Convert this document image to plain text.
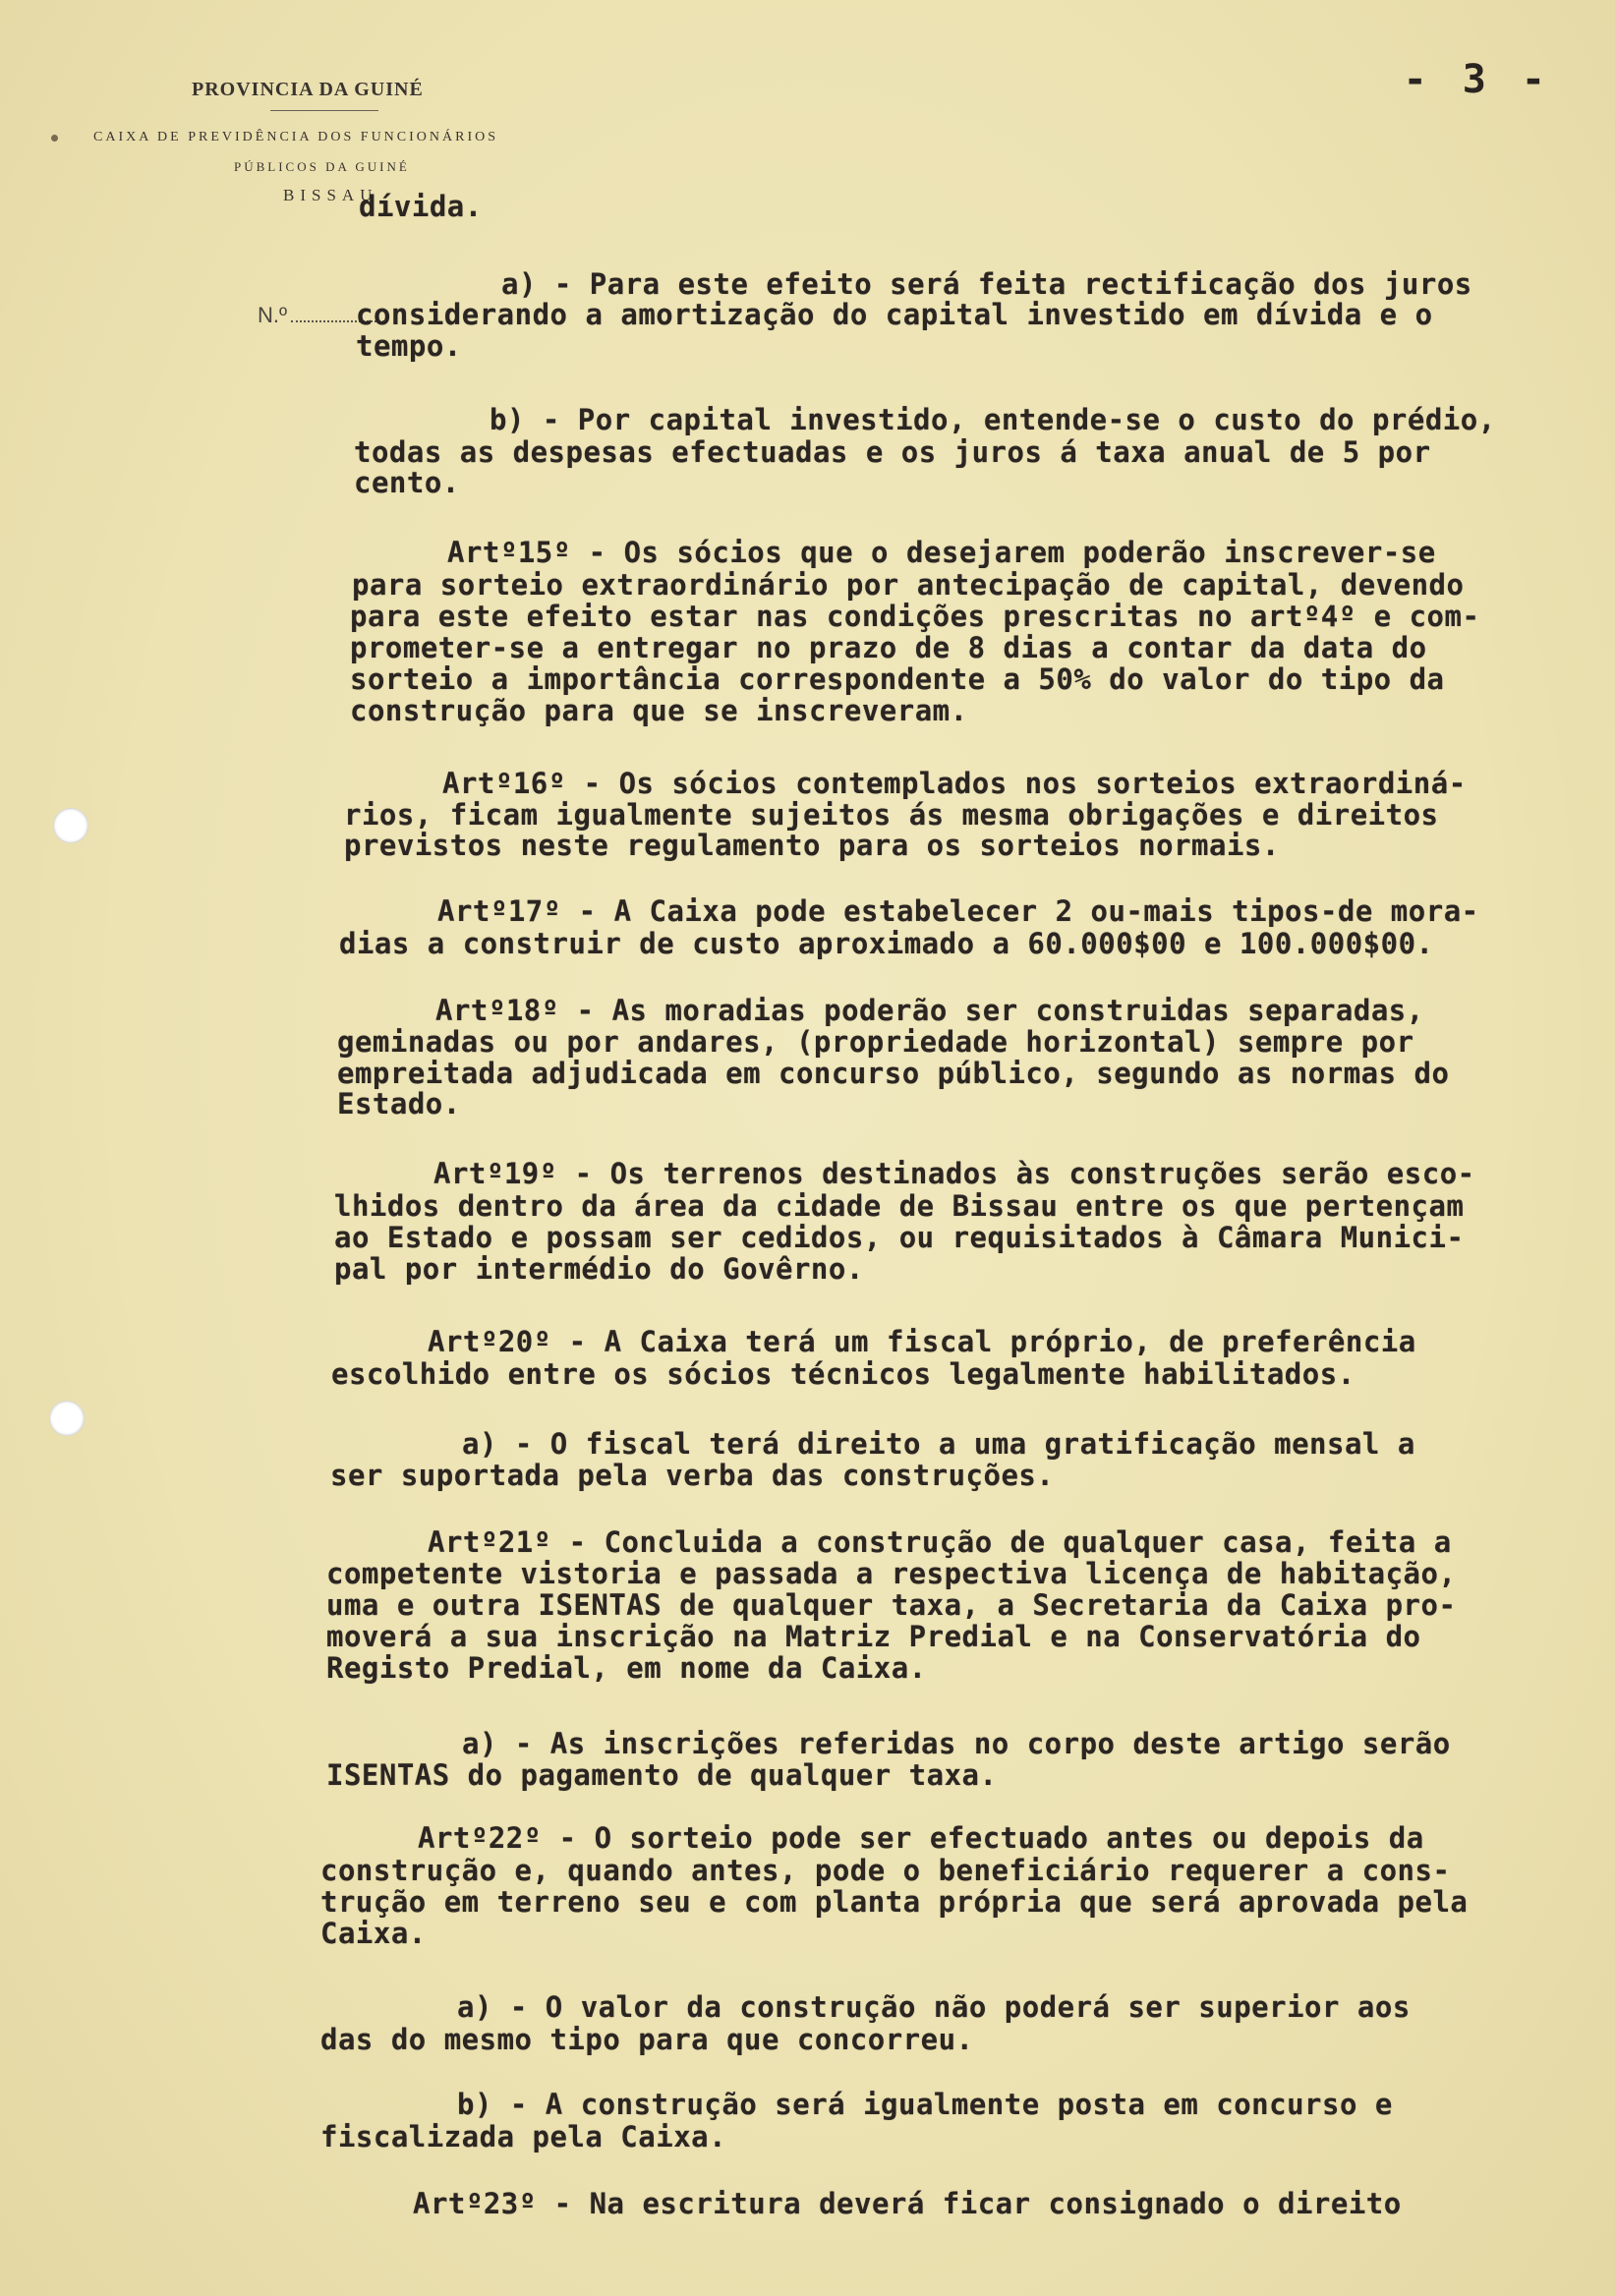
PROVINCIA DA GUINÉ
CAIXA DE PREVIDÊNCIA DOS FUNCIONÁRIOS
PÚBLICOS DA GUINÉ
BISSAU
- 3 -
N.º
dívida.
a) - Para este efeito será feita rectificação dos juros
considerando a amortização do capital investido em dívida e o
tempo.
b) - Por capital investido, entende-se o custo do prédio,
todas as despesas efectuadas e os juros á taxa anual de 5 por
cento.
Artº15º - Os sócios que o desejarem poderão inscrever-se
para sorteio extraordinário por antecipação de capital, devendo
para este efeito estar nas condições prescritas no artº4º e com-
prometer-se a entregar no prazo de 8 dias a contar da data do
sorteio a importância correspondente a 50% do valor do tipo da
construção para que se inscreveram.
Artº16º - Os sócios contemplados nos sorteios extraordiná-
rios, ficam igualmente sujeitos ás mesma obrigações e direitos
previstos neste regulamento para os sorteios normais.
Artº17º - A Caixa pode estabelecer 2 ou-mais tipos-de mora-
dias a construir de custo aproximado a 60.000$00 e 100.000$00.
Artº18º - As moradias poderão ser construidas separadas,
geminadas ou por andares, (propriedade horizontal) sempre por
empreitada adjudicada em concurso público, segundo as normas do
Estado.
Artº19º - Os terrenos destinados às construções serão esco-
lhidos dentro da área da cidade de Bissau entre os que pertençam
ao Estado e possam ser cedidos, ou requisitados à Câmara Munici-
pal por intermédio do Govêrno.
Artº20º - A Caixa terá um fiscal próprio, de preferência
escolhido entre os sócios técnicos legalmente habilitados.
a) - O fiscal terá direito a uma gratificação mensal a
ser suportada pela verba das construções.
Artº21º - Concluida a construção de qualquer casa, feita a
competente vistoria e passada a respectiva licença de habitação,
uma e outra ISENTAS de qualquer taxa, a Secretaria da Caixa pro-
moverá a sua inscrição na Matriz Predial e na Conservatória do
Registo Predial, em nome da Caixa.
a) - As inscrições referidas no corpo deste artigo serão
ISENTAS do pagamento de qualquer taxa.
Artº22º - O sorteio pode ser efectuado antes ou depois da
construção e, quando antes, pode o beneficiário requerer a cons-
trução em terreno seu e com planta própria que será aprovada pela
Caixa.
a) - O valor da construção não poderá ser superior aos
das do mesmo tipo para que concorreu.
b) - A construção será igualmente posta em concurso e
fiscalizada pela Caixa.
Artº23º - Na escritura deverá ficar consignado o direito
